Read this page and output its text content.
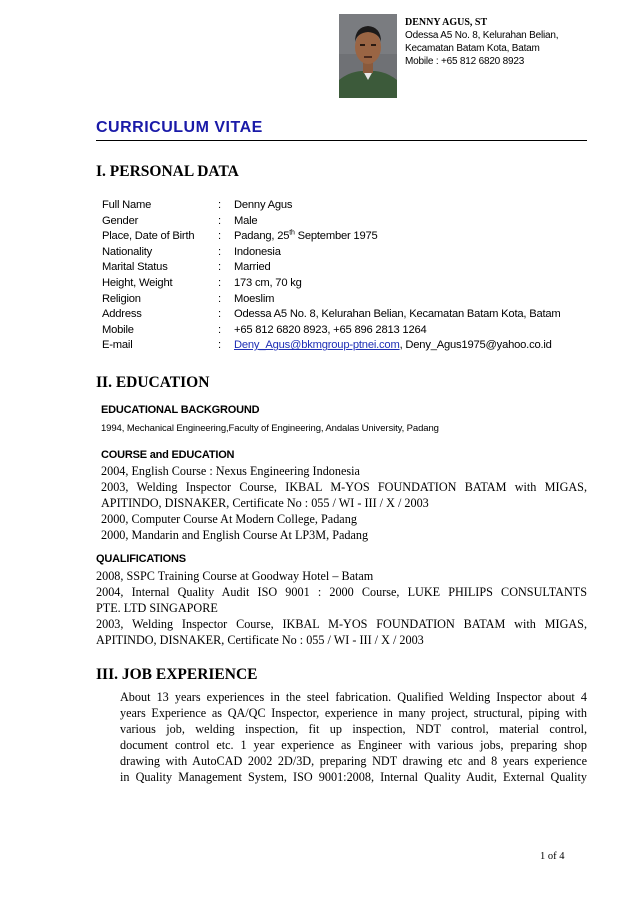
DENNY AGUS, ST
Odessa A5 No. 8, Kelurahan Belian,
Kecamatan Batam Kota, Batam
Mobile : +65 812 6820 8923
CURRICULUM VITAE
I. PERSONAL DATA
Full Name	:	Denny Agus
Gender	:	Male
Place, Date of Birth	:	Padang, 25th September 1975
Nationality	:	Indonesia
Marital Status	:	Married
Height, Weight	:	173 cm, 70 kg
Religion	:	Moeslim
Address	:	Odessa A5 No. 8, Kelurahan Belian, Kecamatan Batam Kota, Batam
Mobile	:	+65 812 6820 8923, +65 896 2813 1264
E-mail	:	Deny_Agus@bkmgroup-ptnei.com, Deny_Agus1975@yahoo.co.id
II. EDUCATION
EDUCATIONAL BACKGROUND
1994, Mechanical Engineering,Faculty of Engineering, Andalas University, Padang
COURSE and EDUCATION
2004, English Course : Nexus Engineering Indonesia
2003, Welding Inspector Course, IKBAL M-YOS FOUNDATION BATAM with MIGAS,
APITINDO, DISNAKER, Certificate No : 055 / WI - III / X / 2003
2000, Computer Course At Modern College, Padang
2000, Mandarin and English Course At LP3M, Padang
QUALIFICATIONS
2008, SSPC Training Course at Goodway Hotel – Batam
2004, Internal Quality Audit ISO 9001 : 2000 Course, LUKE PHILIPS CONSULTANTS
PTE. LTD SINGAPORE
2003, Welding Inspector Course, IKBAL M-YOS FOUNDATION BATAM with MIGAS,
APITINDO, DISNAKER, Certificate No : 055 / WI - III / X / 2003
III. JOB EXPERIENCE
About 13 years experiences in the steel fabrication. Qualified Welding Inspector about 4
years Experience as QA/QC Inspector, experience in many project, structural, piping with
various job, welding inspection, fit up inspection, NDT control, material control,
document control etc. 1 year experience as Engineer with various jobs, preparing shop
drawing with AutoCAD 2002 2D/3D, preparing NDT drawing etc and 8 years experience
in Quality Management System, ISO 9001:2008, Internal Quality Audit, External Quality
1 of 4
